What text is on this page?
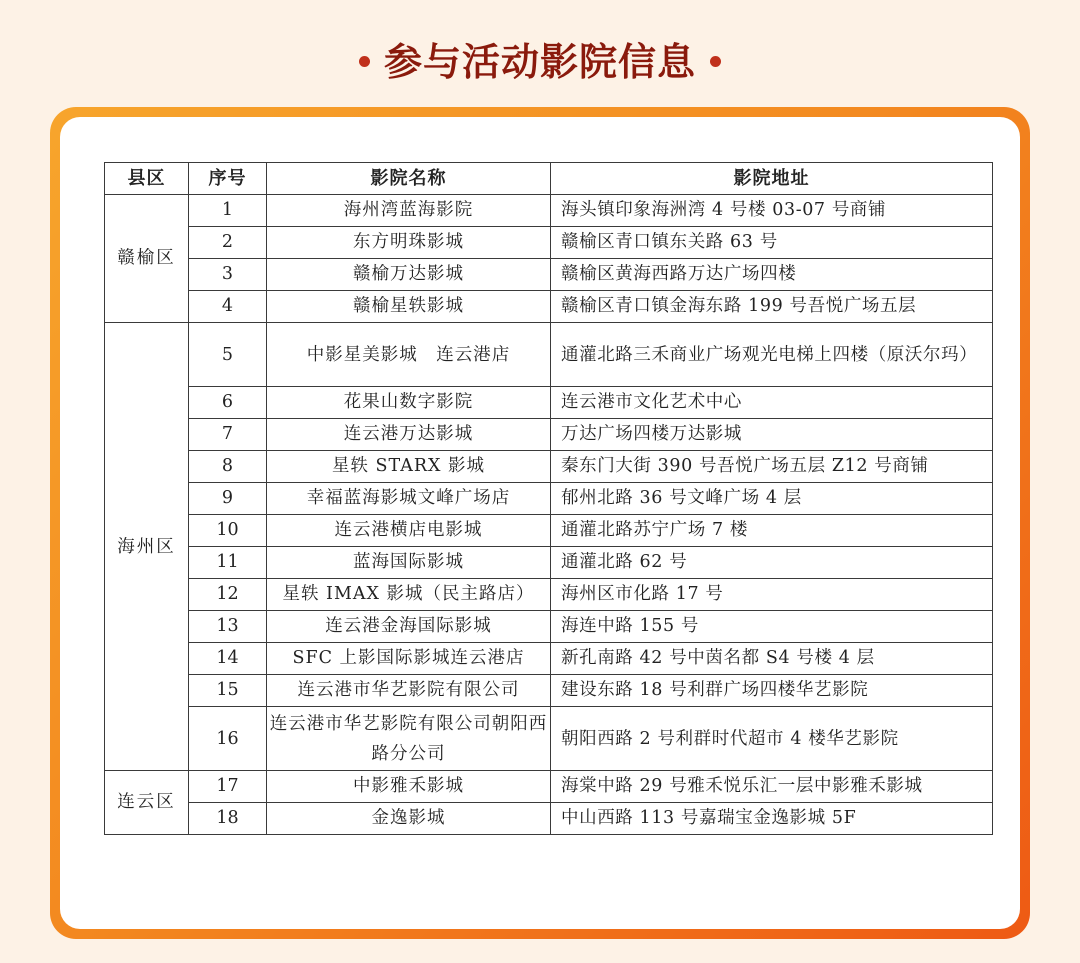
参与活动影院信息
县区	序号	影院名称	影院地址
赣榆区	1	海州湾蓝海影院	海头镇印象海洲湾 4 号楼 03-07 号商铺
	2	东方明珠影城	赣榆区青口镇东关路 63 号
	3	赣榆万达影城	赣榆区黄海西路万达广场四楼
	4	赣榆星轶影城	赣榆区青口镇金海东路 199 号吾悦广场五层
海州区	5	中影星美影城　连云港店	通灌北路三禾商业广场观光电梯上四楼（原沃尔玛）
	6	花果山数字影院	连云港市文化艺术中心
	7	连云港万达影城	万达广场四楼万达影城
	8	星轶 STARX 影城	秦东门大街 390 号吾悦广场五层 Z12 号商铺
	9	幸福蓝海影城文峰广场店	郁州北路 36 号文峰广场 4 层
	10	连云港横店电影城	通灌北路苏宁广场 7 楼
	11	蓝海国际影城	通灌北路 62 号
	12	星轶 IMAX 影城（民主路店）	海州区市化路 17 号
	13	连云港金海国际影城	海连中路 155 号
	14	SFC 上影国际影城连云港店	新孔南路 42 号中茵名都 S4 号楼 4 层
	15	连云港市华艺影院有限公司	建设东路 18 号利群广场四楼华艺影院
	16	连云港市华艺影院有限公司朝阳西路分公司	朝阳西路 2 号利群时代超市 4 楼华艺影院
连云区	17	中影雅禾影城	海棠中路 29 号雅禾悦乐汇一层中影雅禾影城
	18	金逸影城	中山西路 113 号嘉瑞宝金逸影城 5F
